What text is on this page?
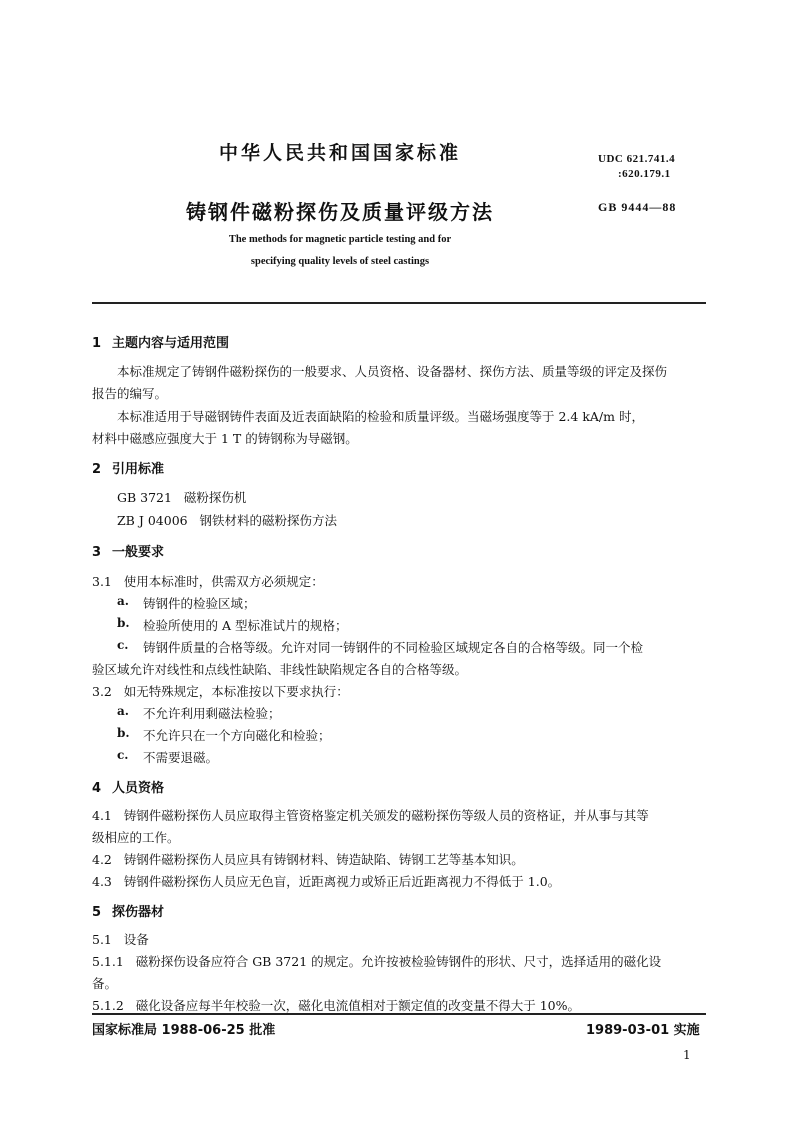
中华人民共和国国家标准	UDC 621.741.4
:620.179.1
铸钢件磁粉探伤及质量评级方法	GB 9444—88
The methods for magnetic particle testing and for
specifying quality levels of steel castings
1 主题内容与适用范围
本标准规定了铸钢件磁粉探伤的一般要求、人员资格、设备器材、探伤方法、质量等级的评定及探伤
报告的编写。
本标准适用于导磁钢铸件表面及近表面缺陷的检验和质量评级。当磁场强度等于 2.4 kA/m 时，
材料中磁感应强度大于 1 T 的铸钢称为导磁钢。
2 引用标准
GB 3721   磁粉探伤机
ZB J 04006   钢铁材料的磁粉探伤方法
3 一般要求
3.1   使用本标准时，供需双方必须规定：
a. 铸钢件的检验区域；
b. 检验所使用的 A 型标准试片的规格；
c. 铸钢件质量的合格等级。允许对同一铸钢件的不同检验区域规定各自的合格等级。同一个检
验区域允许对线性和点线性缺陷、非线性缺陷规定各自的合格等级。
3.2   如无特殊规定，本标准按以下要求执行：
a. 不允许利用剩磁法检验；
b. 不允许只在一个方向磁化和检验；
c. 不需要退磁。
4 人员资格
4.1   铸钢件磁粉探伤人员应取得主管资格鉴定机关颁发的磁粉探伤等级人员的资格证，并从事与其等
级相应的工作。
4.2   铸钢件磁粉探伤人员应具有铸钢材料、铸造缺陷、铸钢工艺等基本知识。
4.3   铸钢件磁粉探伤人员应无色盲，近距离视力或矫正后近距离视力不得低于 1.0。
5 探伤器材
5.1   设备
5.1.1   磁粉探伤设备应符合 GB 3721 的规定。允许按被检验铸钢件的形状、尺寸，选择适用的磁化设
备。
5.1.2   磁化设备应每半年校验一次，磁化电流值相对于额定值的改变量不得大于 10%。
国家标准局 1988-06-25 批准	1989-03-01 实施
1
